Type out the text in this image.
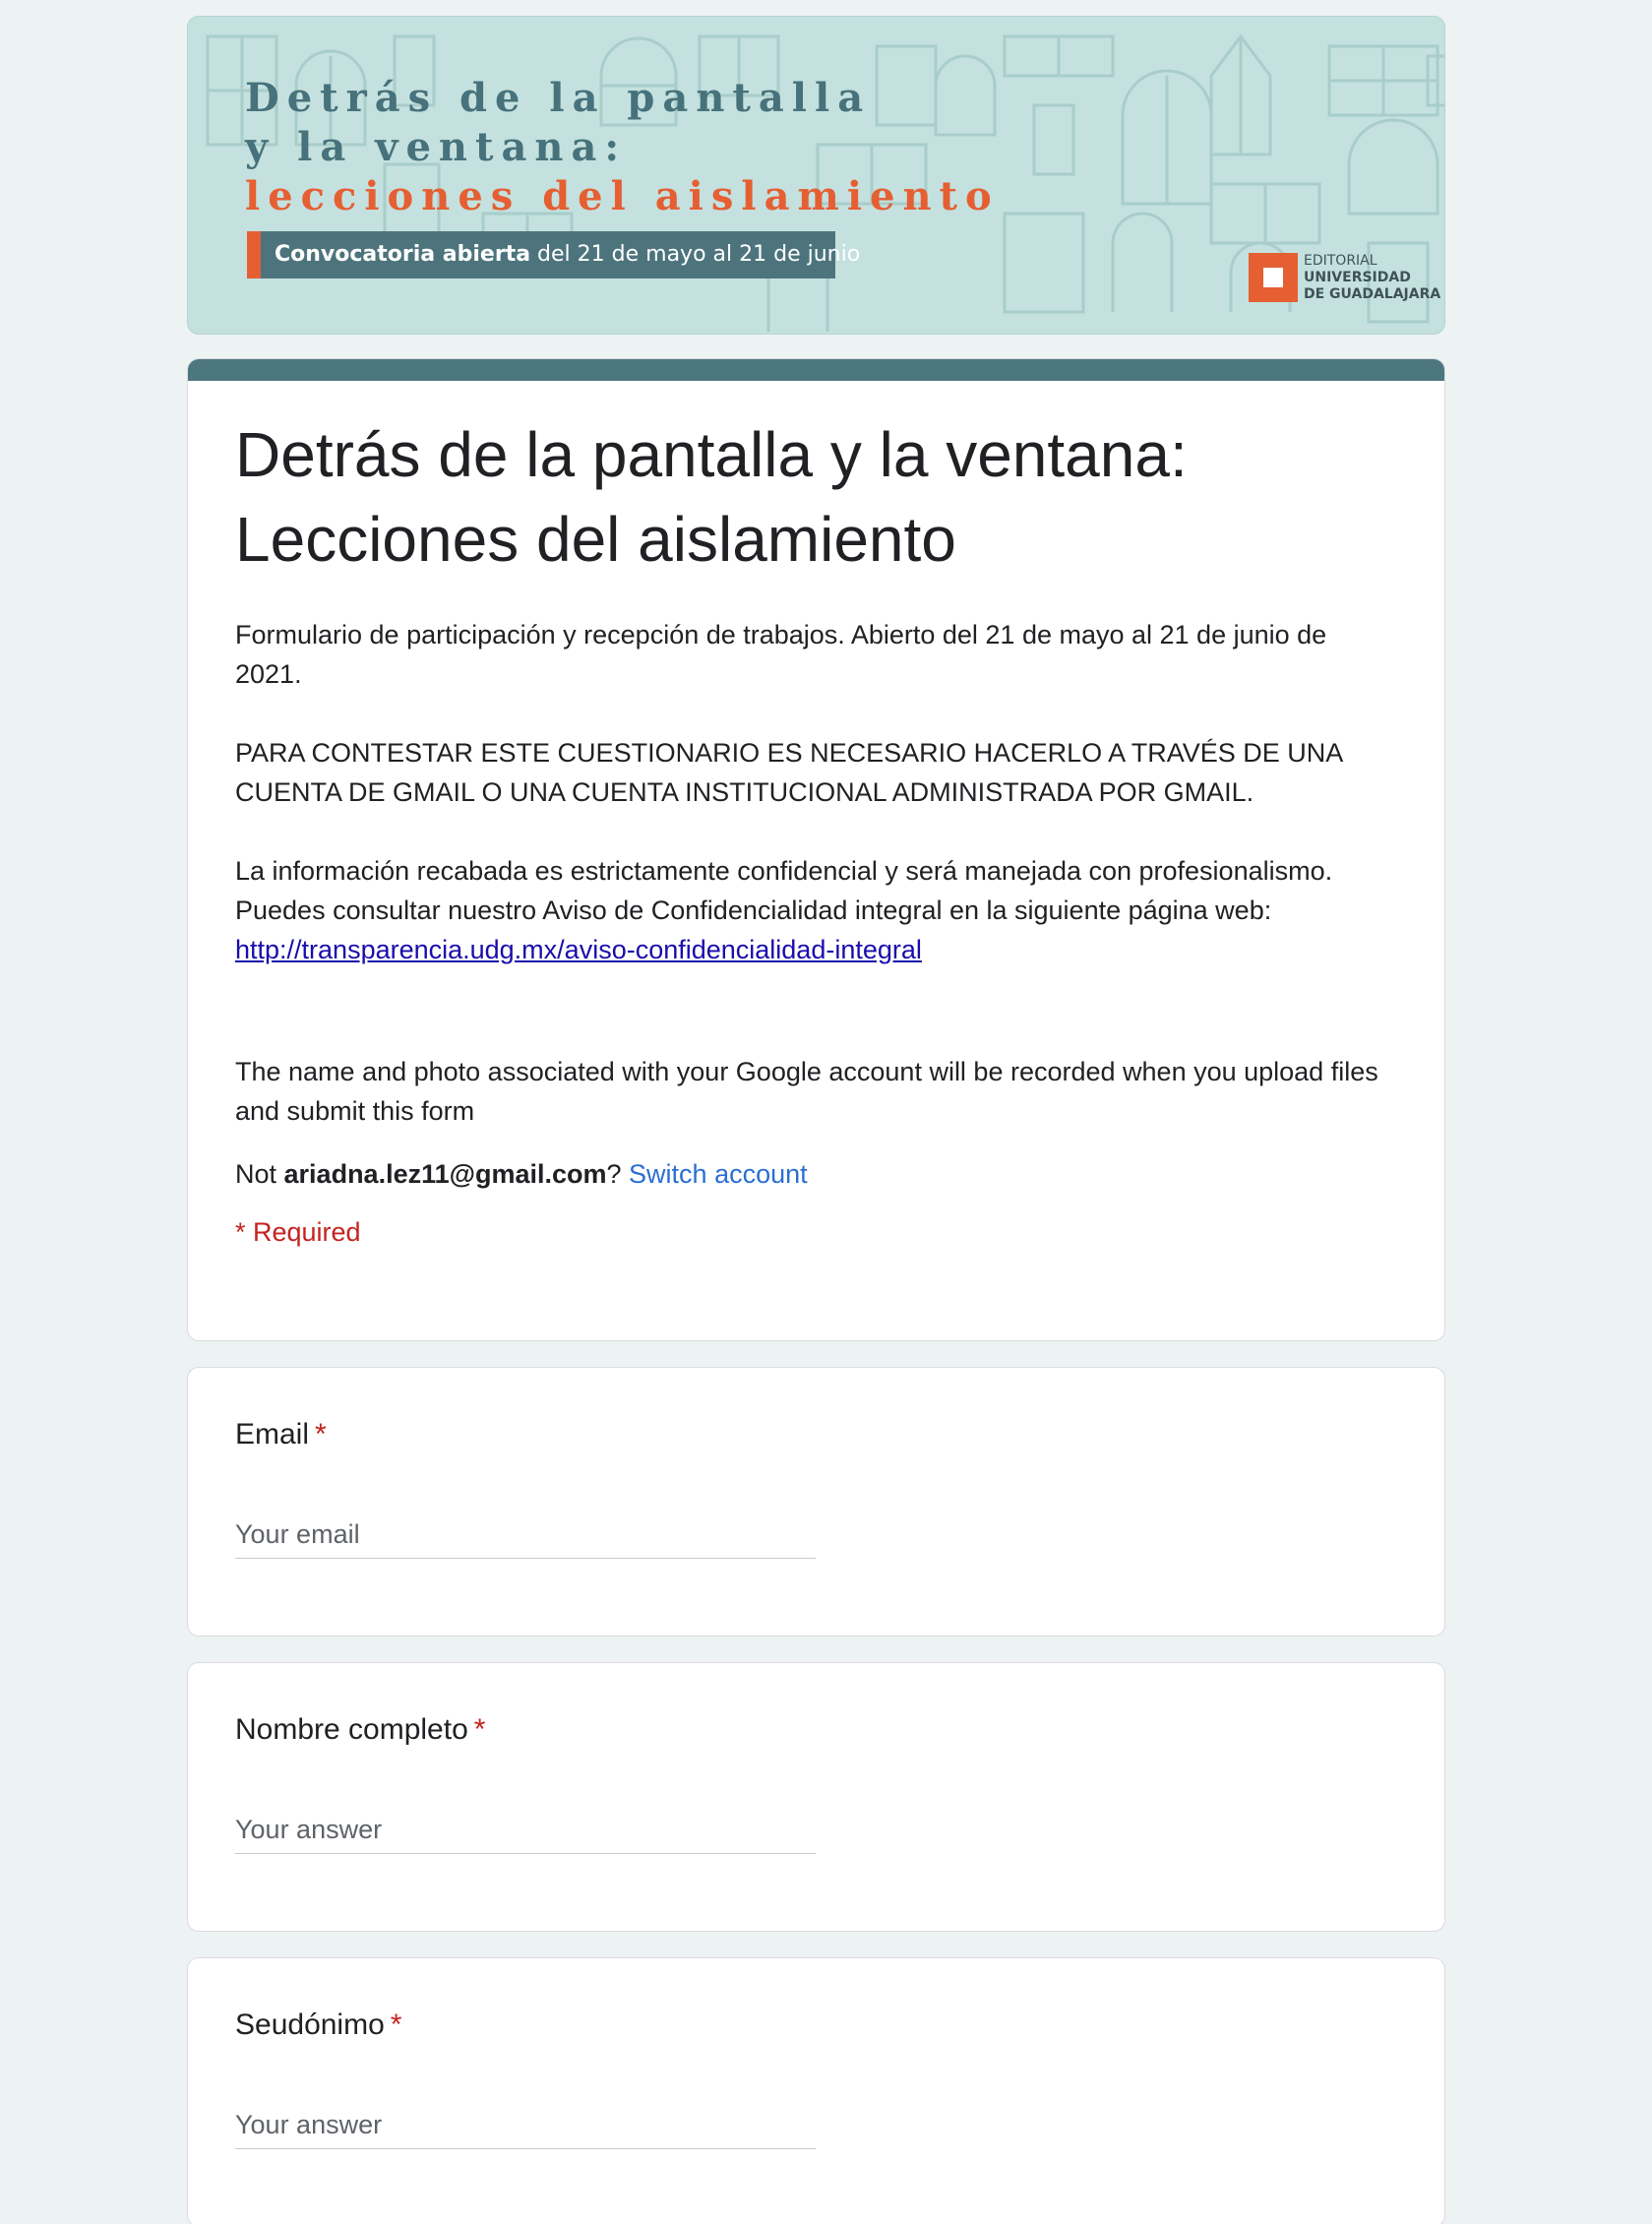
Detrás de la pantalla
y la ventana:
lecciones del aislamiento
Convocatoria abierta del 21 de mayo al 21 de junio	EDITORIAL
UNIVERSIDAD
DE GUADALAJARA
Detrás de la pantalla y la ventana:
Lecciones del aislamiento

Formulario de participación y recepción de trabajos. Abierto del 21 de mayo al 21 de junio de 2021.

PARA CONTESTAR ESTE CUESTIONARIO ES NECESARIO HACERLO A TRAVÉS DE UNA CUENTA DE GMAIL O UNA CUENTA INSTITUCIONAL ADMINISTRADA POR GMAIL.

La información recabada es estrictamente confidencial y será manejada con profesionalismo. Puedes consultar nuestro Aviso de Confidencialidad integral en la siguiente página web:
http://transparencia.udg.mx/aviso-confidencialidad-integral

The name and photo associated with your Google account will be recorded when you upload files and submit this form
Not ariadna.lez11@gmail.com? Switch account
* Required
Email *
Your email
Nombre completo *
Your answer
Seudónimo *
Your answer
